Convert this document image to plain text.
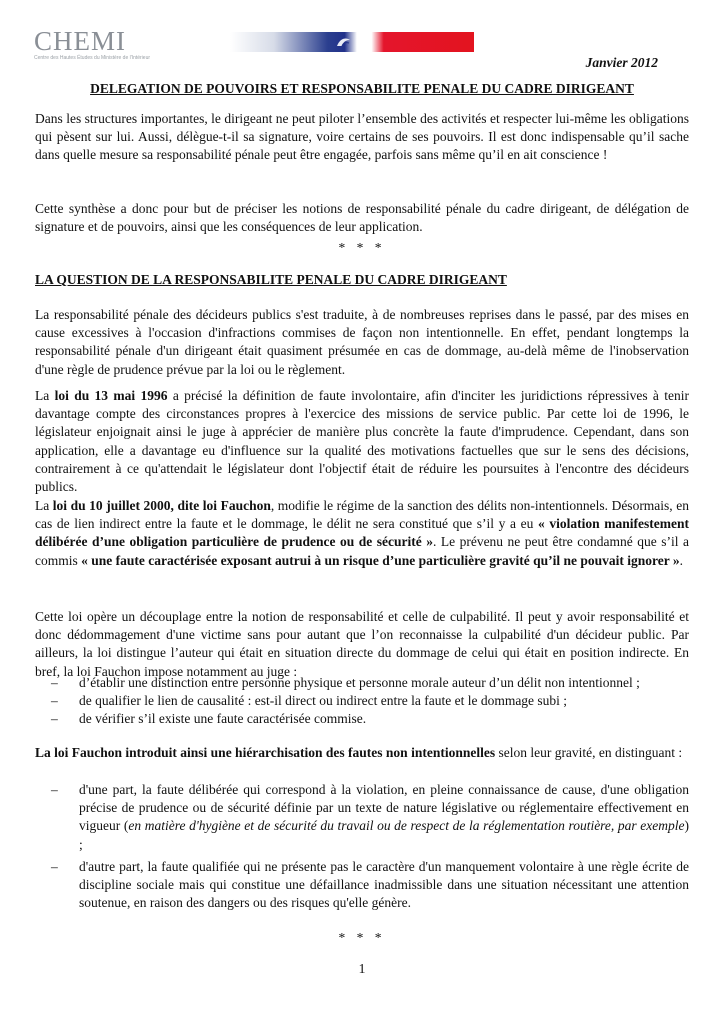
CHEMI
Centre des Hautes Études du Ministère de l'Intérieur	Janvier 2012
DELEGATION DE POUVOIRS ET RESPONSABILITE PENALE DU CADRE DIRIGEANT
Dans les structures importantes, le dirigeant ne peut piloter l’ensemble des activités et respecter lui-même les obligations qui pèsent sur lui. Aussi, délègue-t-il sa signature, voire certains de ses pouvoirs. Il est donc indispensable qu’il sache dans quelle mesure sa responsabilité pénale peut être engagée, parfois sans même qu’il en ait conscience !
Cette synthèse a donc pour but de préciser les notions de responsabilité pénale du cadre dirigeant, de délégation de signature et de pouvoirs, ainsi que les conséquences de leur application.
* * *
LA QUESTION DE LA RESPONSABILITE PENALE DU CADRE DIRIGEANT
La responsabilité pénale des décideurs publics s'est traduite, à de nombreuses reprises dans le passé, par des mises en cause excessives à l'occasion d'infractions commises de façon non intentionnelle. En effet, pendant longtemps la responsabilité pénale d'un dirigeant était quasiment présumée en cas de dommage, au-delà même de l'inobservation d'une règle de prudence prévue par la loi ou le règlement.
La loi du 13 mai 1996 a précisé la définition de faute involontaire, afin d'inciter les juridictions répressives à tenir davantage compte des circonstances propres à l'exercice des missions de service public. Par cette loi de 1996, le législateur enjoignait ainsi le juge à apprécier de manière plus concrète la faute d'imprudence. Cependant, dans son application, elle a davantage eu d'influence sur la qualité des motivations factuelles que sur le sens des décisions, contrairement à ce qu'attendait le législateur dont l'objectif était de réduire les poursuites à l'encontre des décideurs publics.
La loi du 10 juillet 2000, dite loi Fauchon, modifie le régime de la sanction des délits non-intentionnels. Désormais, en cas de lien indirect entre la faute et le dommage, le délit ne sera constitué que s’il y a eu « violation manifestement délibérée d’une obligation particulière de prudence ou de sécurité ». Le prévenu ne peut être condamné que s’il a commis « une faute caractérisée exposant autrui à un risque d’une particulière gravité qu’il ne pouvait ignorer ».
Cette loi opère un découplage entre la notion de responsabilité et celle de culpabilité. Il peut y avoir responsabilité et donc dédommagement d'une victime sans pour autant que l’on reconnaisse la culpabilité d'un décideur public. Par ailleurs, la loi distingue l’auteur qui était en situation directe du dommage de celui qui était en position indirecte. En bref, la loi Fauchon impose notamment au juge :
– d’établir une distinction entre personne physique et personne morale auteur d’un délit non intentionnel ;
– de qualifier le lien de causalité : est-il direct ou indirect entre la faute et le dommage subi ;
– de vérifier s’il existe une faute caractérisée commise.
La loi Fauchon introduit ainsi une hiérarchisation des fautes non intentionnelles selon leur gravité, en distinguant :
– d'une part, la faute délibérée qui correspond à la violation, en pleine connaissance de cause, d'une obligation précise de prudence ou de sécurité définie par un texte de nature législative ou réglementaire effectivement en vigueur (en matière d'hygiène et de sécurité du travail ou de respect de la réglementation routière, par exemple) ;
– d'autre part, la faute qualifiée qui ne présente pas le caractère d'un manquement volontaire à une règle écrite de discipline sociale mais qui constitue une défaillance inadmissible dans une situation nécessitant une attention soutenue, en raison des dangers ou des risques qu'elle génère.
* * *
1
